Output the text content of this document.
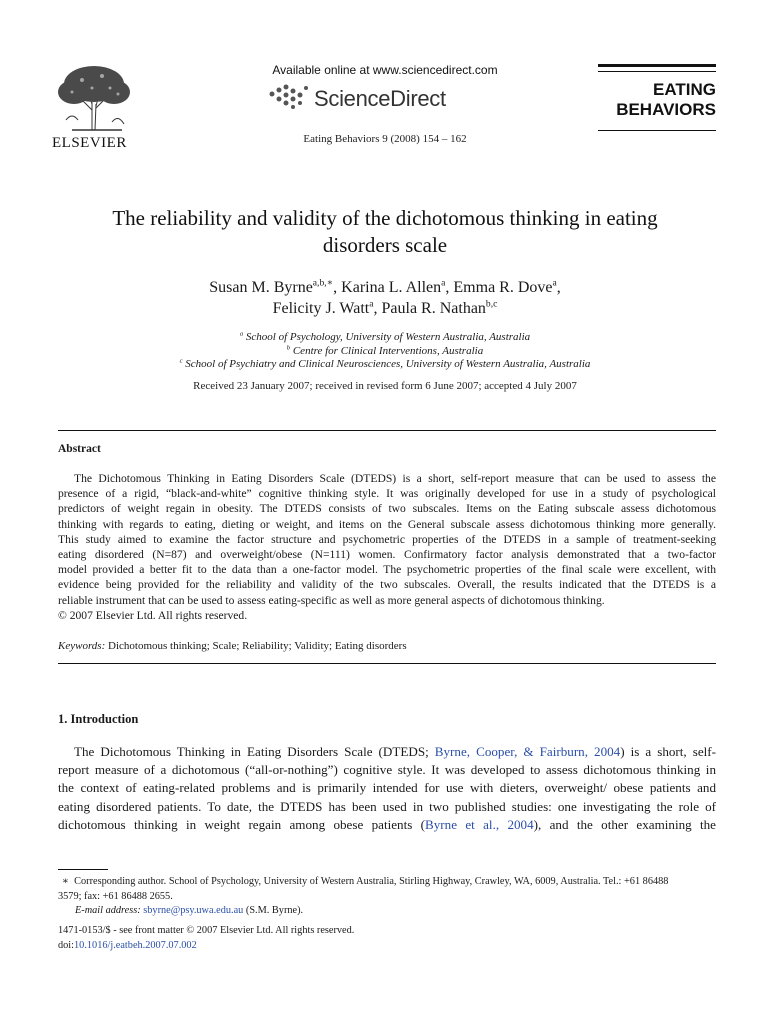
ELSEVIER
Available online at www.sciencedirect.com
ScienceDirect
Eating Behaviors 9 (2008) 154 – 162
EATING
BEHAVIORS
The reliability and validity of the dichotomous thinking in eating
disorders scale
Susan M. Byrne$^{a,b,∗}$, Karina L. Allen$^a$, Emma R. Dove$^a$,
Felicity J. Watt$^a$, Paula R. Nathan$^{b,c}$
$^a$ School of Psychology, University of Western Australia, Australia
$^b$ Centre for Clinical Interventions, Australia
$^c$ School of Psychiatry and Clinical Neurosciences, University of Western Australia, Australia
Received 23 January 2007; received in revised form 6 June 2007; accepted 4 July 2007
Abstract
The Dichotomous Thinking in Eating Disorders Scale (DTEDS) is a short, self-report measure that can be used to assess the
presence of a rigid, “black-and-white” cognitive thinking style. It was originally developed for use in a study of psychological
predictors of weight regain in obesity. The DTEDS consists of two subscales. Items on the Eating subscale assess dichotomous
thinking with regards to eating, dieting or weight, and items on the General subscale assess dichotomous thinking more generally.
This study aimed to examine the factor structure and psychometric properties of the DTEDS in a sample of treatment-seeking
eating disordered (N=87) and overweight/obese (N=111) women. Confirmatory factor analysis demonstrated that a two-factor
model provided a better fit to the data than a one-factor model. The psychometric properties of the final scale were excellent, with
evidence being provided for the reliability and validity of the two subscales. Overall, the results indicated that the DTEDS is a
reliable instrument that can be used to assess eating-specific as well as more general aspects of dichotomous thinking.
© 2007 Elsevier Ltd. All rights reserved.
Keywords: Dichotomous thinking; Scale; Reliability; Validity; Eating disorders
1. Introduction
The Dichotomous Thinking in Eating Disorders Scale (DTEDS; Byrne, Cooper, & Fairburn, 2004) is a short, self-
report measure of a dichotomous (“all-or-nothing”) cognitive style. It was developed to assess dichotomous thinking in
the context of eating-related problems and is primarily intended for use with dieters, overweight/ obese patients and
eating disordered patients. To date, the DTEDS has been used in two published studies: one investigating the role of
dichotomous thinking in weight regain among obese patients (Byrne et al., 2004), and the other examining the
∗ Corresponding author. School of Psychology, University of Western Australia, Stirling Highway, Crawley, WA, 6009, Australia. Tel.: +61 86488
3579; fax: +61 86488 2655.
E-mail address: sbyrne@psy.uwa.edu.au (S.M. Byrne).
1471-0153/$ - see front matter © 2007 Elsevier Ltd. All rights reserved.
doi:10.1016/j.eatbeh.2007.07.002
